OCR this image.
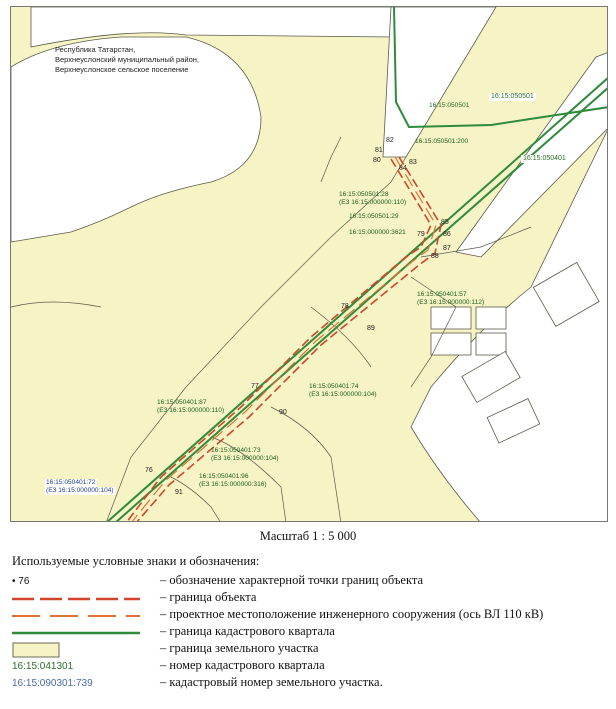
Республика Татарстан,
Верхнеуслонский муниципальный район,
Верхнеуслонское сельское поселение
16:15:050501
16:15:050401
16:15:050501
16:15:050501:200
16:15:050501:28
(ЕЗ 16:15:000000:110)
16:15:050501:29
16:15:000000:3621
16:15:050401:57
(ЕЗ 16:15:000000:112)
16:15:050401:74
(ЕЗ 16:15:000000:104)
16:15:050401:87
(ЕЗ 16:15:000000:110)
16:15:050401:73
(ЕЗ 16:15:000000:104)
16:15:050401:96
(ЕЗ 16:15:000000:316)
16:15:050401:72
(ЕЗ 16:15:000000:104)
82
81
80	83
84
85
86
79
87
88
78
89
77
90
76
91
Масштаб 1 : 5 000
Используемые условные знаки и обозначения:
• 76	– обозначение характерной точки границ объекта
– граница объекта
– проектное местоположение инженерного сооружения (ось ВЛ 110 кВ)
– граница кадастрового квартала
– граница земельного участка
16:15:041301	– номер кадастрового квартала
16:15:090301:739	– кадастровый номер земельного участка.
